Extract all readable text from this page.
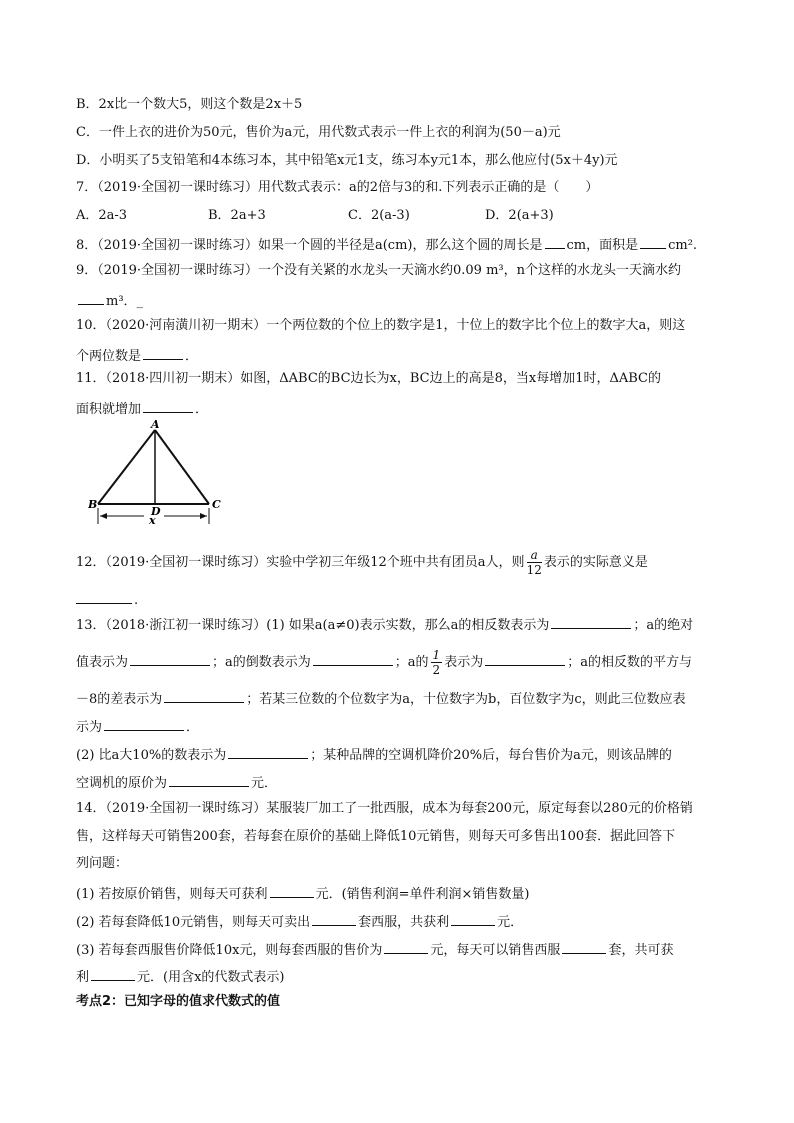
B．2x比一个数大5，则这个数是2x＋5
C．一件上衣的进价为50元，售价为a元，用代数式表示一件上衣的利润为(50－a)元
D．小明买了5支铅笔和4本练习本，其中铅笔x元1支，练习本y元1本，那么他应付(5x＋4y)元
7．（2019·全国初一课时练习）用代数式表示：a的2倍与3的和.下列表示正确的是（　　）
A．2a-3	B．2a+3	C．2(a-3)	D．2(a+3)
8．（2019·全国初一课时练习）如果一个圆的半径是a(cm)，那么这个圆的周长是 cm，面积是 cm².
9．（2019·全国初一课时练习）一个没有关紧的水龙头一天滴水约0.09 m³，n个这样的水龙头一天滴水约
m³．_
10．（2020·河南潢川初一期末）一个两位数的个位上的数字是1，十位上的数字比个位上的数字大a，则这
个两位数是	．
11．（2018·四川初一期末）如图，ΔABC的BC边长为x，BC边上的高是8，当x每增加1时，ΔABC的
面积就增加	．
A
B	C
D
x
12．（2019·全国初一课时练习）实验中学初三年级12个班中共有团员a人，则 $\frac{a}{12}$ 表示的实际意义是
.
13．（2018·浙江初一课时练习）(1) 如果a(a≠0)表示实数，那么a的相反数表示为	；a的绝对
值表示为	；a的倒数表示为	；a的 $\frac{1}{2}$ 表示为	；a的相反数的平方与
－8的差表示为	；若某三位数的个位数字为a，十位数字为b，百位数字为c，则此三位数应表
示为	．
(2) 比a大10%的数表示为	；某种品牌的空调机降价20%后，每台售价为a元，则该品牌的
空调机的原价为	元．
14．（2019·全国初一课时练习）某服装厂加工了一批西服，成本为每套200元，原定每套以280元的价格销
售，这样每天可销售200套，若每套在原价的基础上降低10元销售，则每天可多售出100套．据此回答下
列问题：
(1) 若按原价销售，则每天可获利	元．(销售利润=单件利润×销售数量)
(2) 若每套降低10元销售，则每天可卖出	套西服，共获利	元．
(3) 若每套西服售价降低10x元，则每套西服的售价为	元，每天可以销售西服	套，共可获
利	元．(用含x的代数式表示)
考点2：已知字母的值求代数式的值
